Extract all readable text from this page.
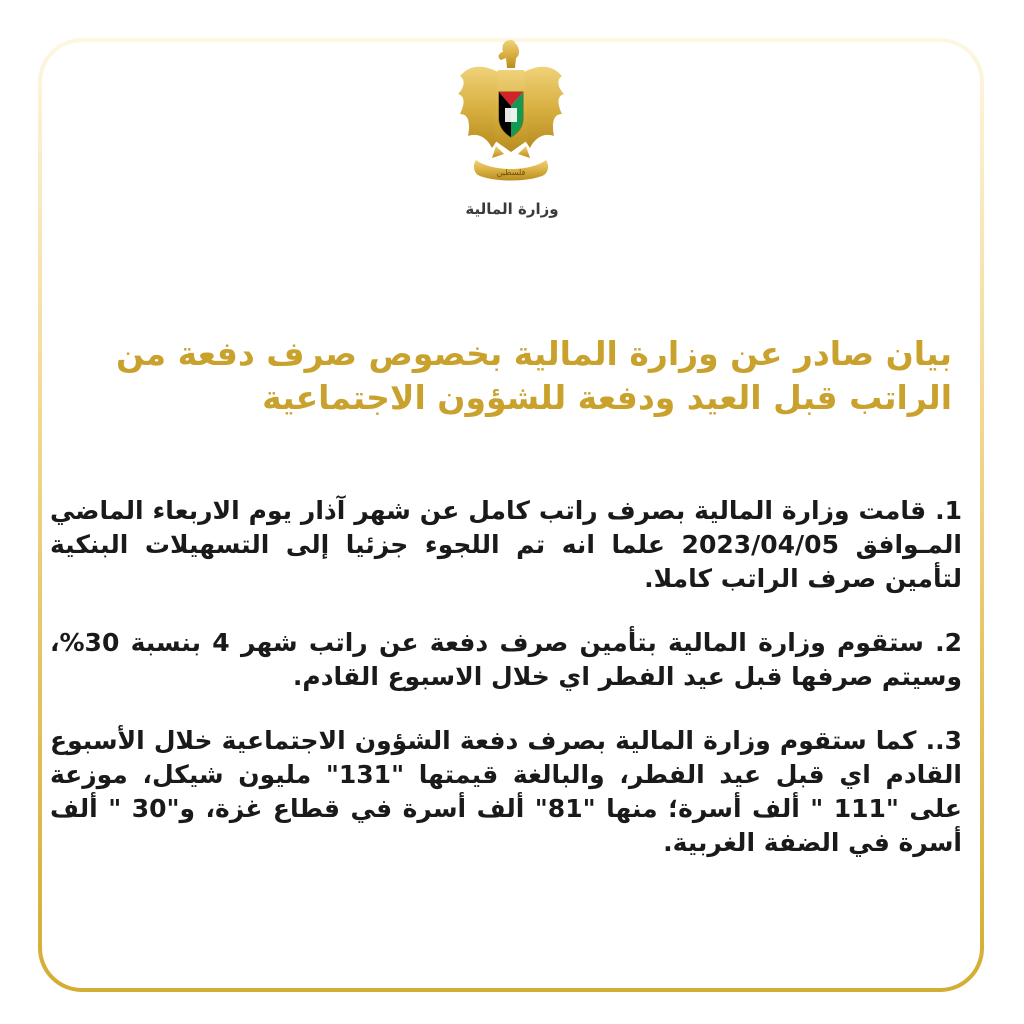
فلسطين
وزارة المالية
بيان صادر عن وزارة المالية بخصوص صرف دفعة من الراتب قبل العيد ودفعة للشؤون الاجتماعية

1. قامت وزارة المالية بصرف راتب كامل عن شهر آذار يوم الاربعاء الماضي المـوافق 2023/04/05 علما انه تم اللجوء جزئيا إلى التسهيلات البنكية لتأمين صرف الراتب كاملا.

2. ستقوم وزارة المالية بتأمين صرف دفعة عن راتب شهر 4 بنسبة 30%، وسيتم صرفها قبل عيد الفطر اي خلال الاسبوع القادم.

3.. كما ستقوم وزارة المالية بصرف دفعة الشؤون الاجتماعية خلال الأسبوع القادم اي قبل عيد الفطر، والبالغة قيمتها "131" مليون شيكل، موزعة على "111 " ألف أسرة؛ منها "81" ألف أسرة في قطاع غزة، و"30 " ألف أسرة في الضفة الغربية.
